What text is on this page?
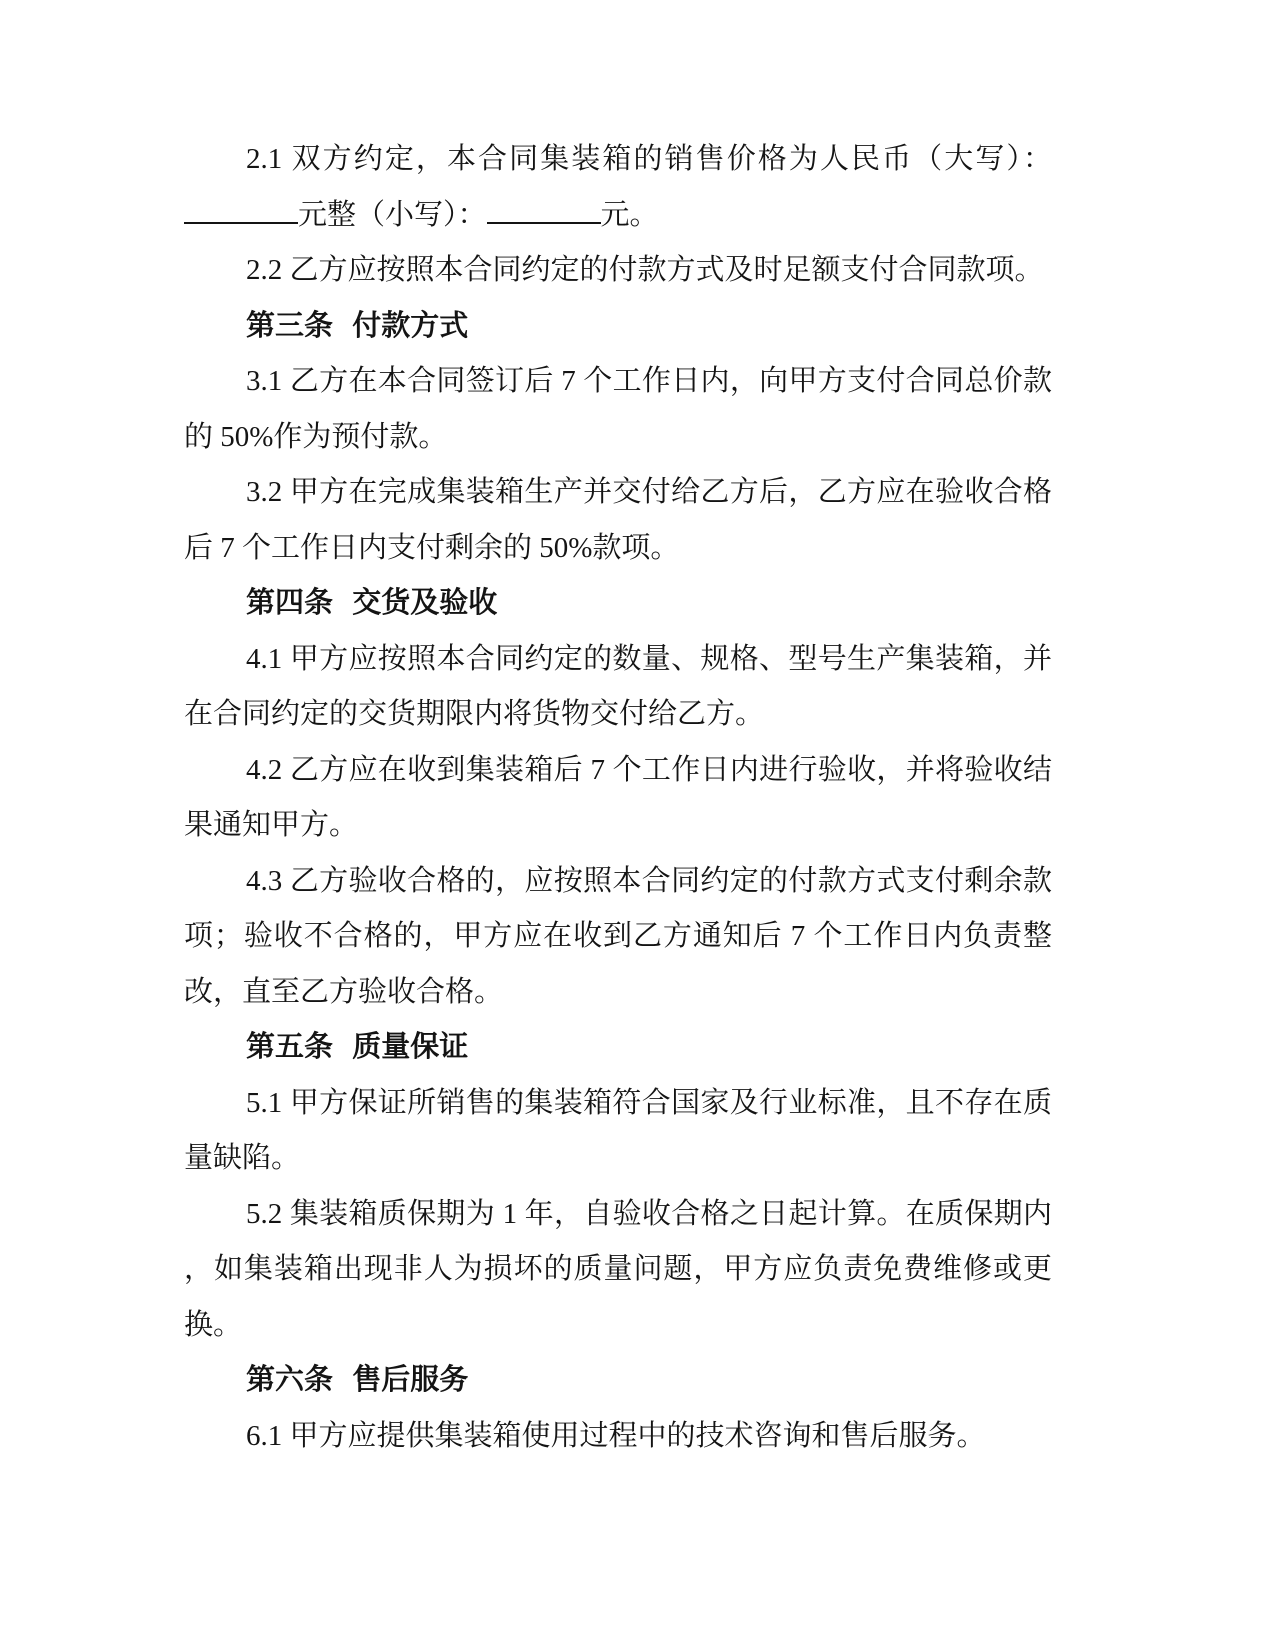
2.1 双方约定，本合同集装箱的销售价格为人民币（大写）：元整（小写）：	元。

2.2 乙方应按照本合同约定的付款方式及时足额支付合同款项。

第三条 付款方式

3.1 乙方在本合同签订后 7 个工作日内，向甲方支付合同总价款的 50%作为预付款。

3.2 甲方在完成集装箱生产并交付给乙方后，乙方应在验收合格后 7 个工作日内支付剩余的 50%款项。

第四条 交货及验收

4.1 甲方应按照本合同约定的数量、规格、型号生产集装箱，并在合同约定的交货期限内将货物交付给乙方。

4.2 乙方应在收到集装箱后 7 个工作日内进行验收，并将验收结果通知甲方。

4.3 乙方验收合格的，应按照本合同约定的付款方式支付剩余款项；验收不合格的，甲方应在收到乙方通知后 7 个工作日内负责整改，直至乙方验收合格。

第五条 质量保证

5.1 甲方保证所销售的集装箱符合国家及行业标准，且不存在质量缺陷。

5.2 集装箱质保期为 1 年，自验收合格之日起计算。在质保期内，如集装箱出现非人为损坏的质量问题，甲方应负责免费维修或更换。

第六条 售后服务

6.1 甲方应提供集装箱使用过程中的技术咨询和售后服务。
